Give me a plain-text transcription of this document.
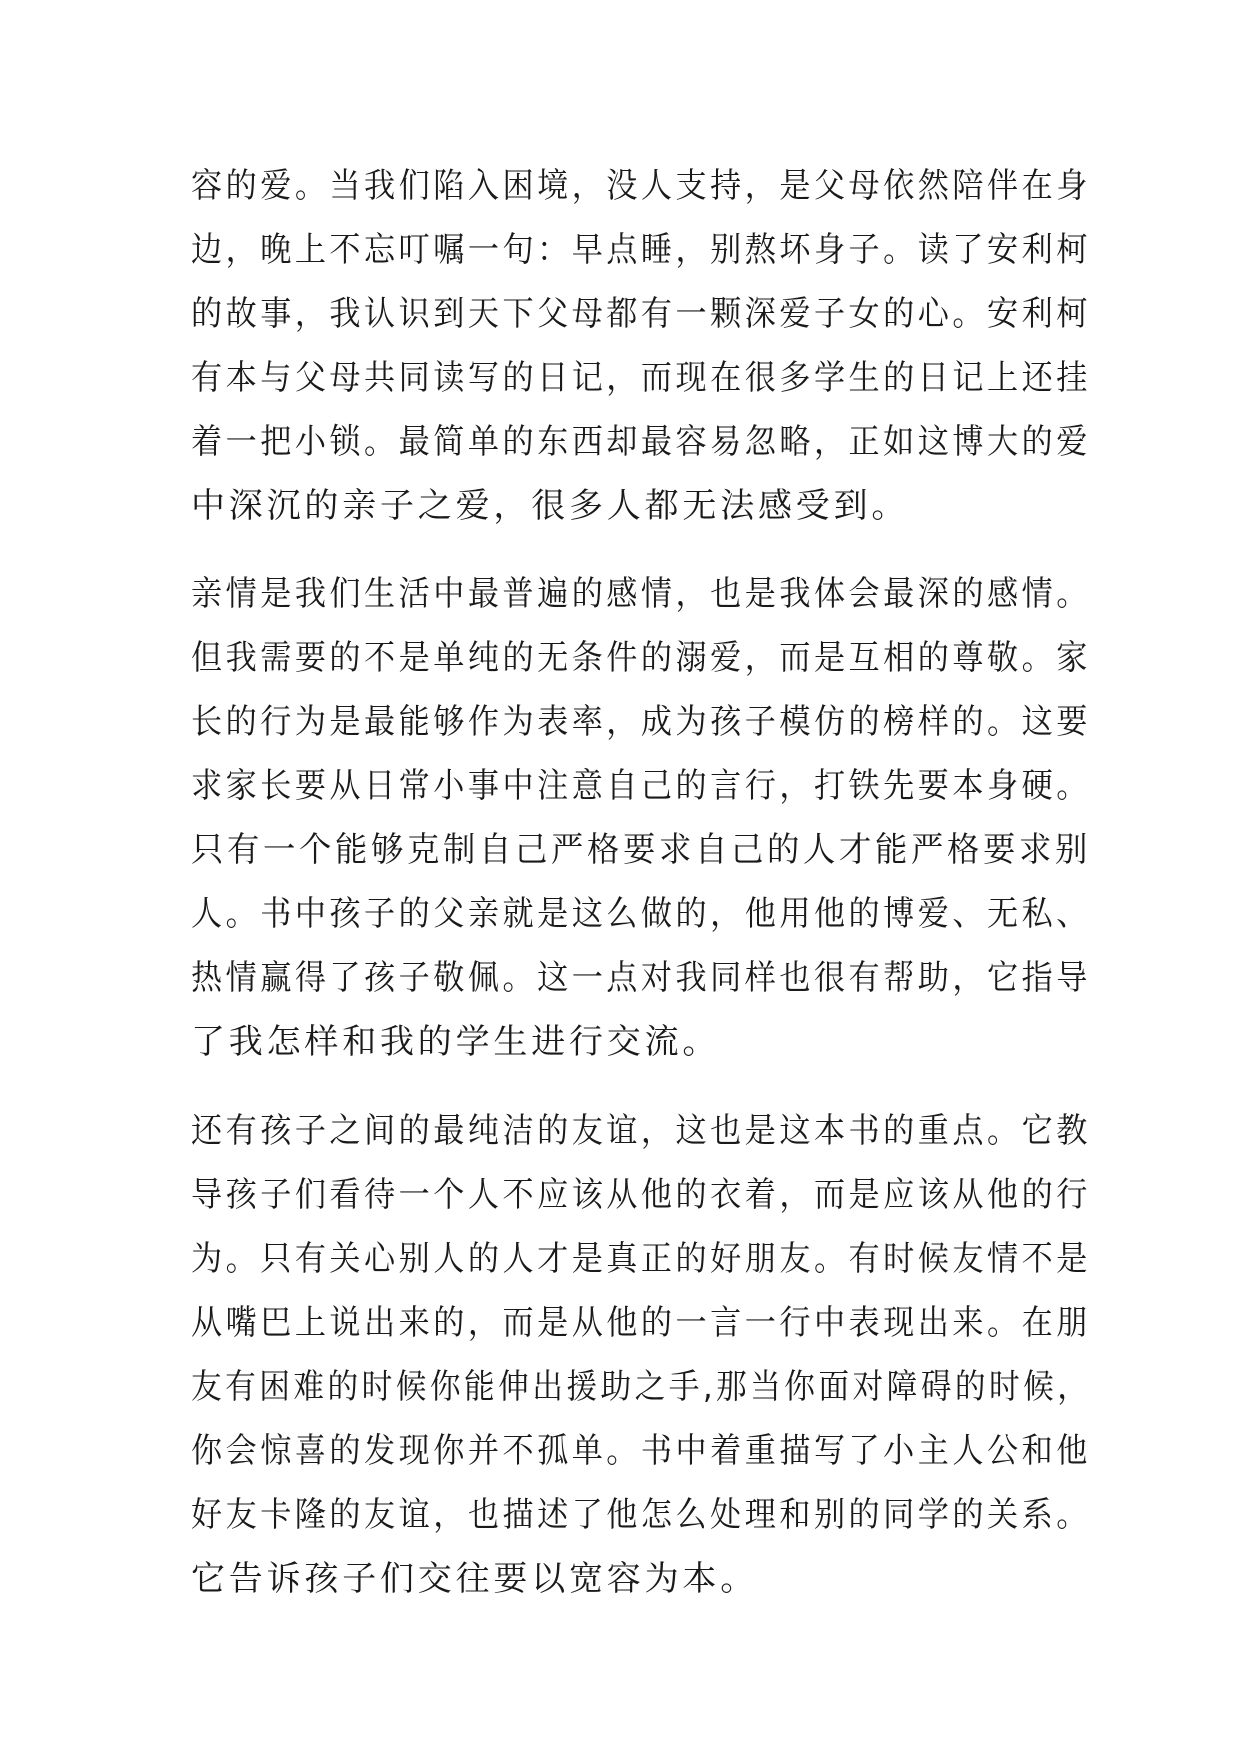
容的爱。当我们陷入困境，没人支持，是父母依然陪伴在身
边，晚上不忘叮嘱一句：早点睡，别熬坏身子。读了安利柯
的故事，我认识到天下父母都有一颗深爱子女的心。安利柯
有本与父母共同读写的日记，而现在很多学生的日记上还挂
着一把小锁。最简单的东西却最容易忽略，正如这博大的爱
中深沉的亲子之爱，很多人都无法感受到。
亲情是我们生活中最普遍的感情，也是我体会最深的感情。
但我需要的不是单纯的无条件的溺爱，而是互相的尊敬。家
长的行为是最能够作为表率，成为孩子模仿的榜样的。这要
求家长要从日常小事中注意自己的言行，打铁先要本身硬。
只有一个能够克制自己严格要求自己的人才能严格要求别
人。书中孩子的父亲就是这么做的，他用他的博爱、无私、
热情赢得了孩子敬佩。这一点对我同样也很有帮助，它指导
了我怎样和我的学生进行交流。
还有孩子之间的最纯洁的友谊，这也是这本书的重点。它教
导孩子们看待一个人不应该从他的衣着，而是应该从他的行
为。只有关心别人的人才是真正的好朋友。有时候友情不是
从嘴巴上说出来的，而是从他的一言一行中表现出来。在朋
友有困难的时候你能伸出援助之手,那当你面对障碍的时候，
你会惊喜的发现你并不孤单。书中着重描写了小主人公和他
好友卡隆的友谊，也描述了他怎么处理和别的同学的关系。
它告诉孩子们交往要以宽容为本。
